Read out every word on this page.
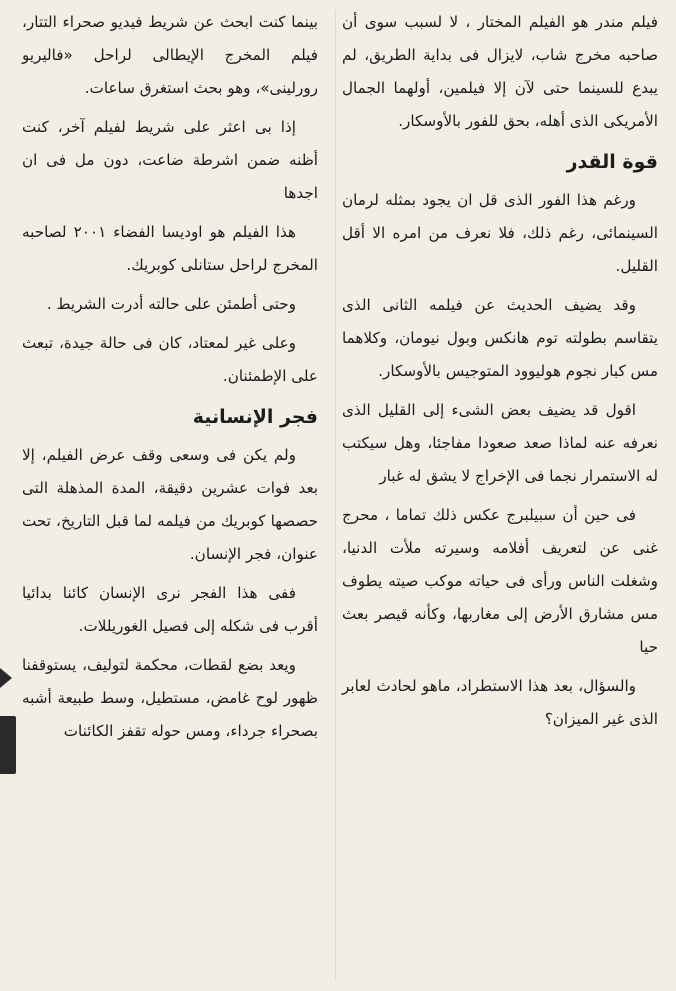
فيلم مندر هو الفيلم المختار ، لا لسبب سوى أن صاحبه مخرج شاب، لايزال فى بداية الطريق، لم يبدع للسينما حتى لآن إلا فيلمين، أولهما الجمال الأمريكى الذى أهله، بحق للفور بالأوسكار.

قوة القدر

ورغم هذا الفور الذى قل ان يجود بمثله لرمان السينمائى، رغم ذلك، فلا نعرف من امره الا أقل القليل.

وقد يضيف الحديث عن فيلمه الثانى الذى يتقاسم بطولته توم هانكس وبول نيومان، وكلاهما مس كبار نجوم هوليوود المتوجيس بالأوسكار.

اقول قد يضيف بعض الشىء إلى القليل الذى نعرفه عنه لماذا صعد صعودا مفاجئا، وهل سيكتب له الاستمرار نجما فى الإخراج لا يشق له غبار

فى حين أن سبيلبرج عكس ذلك تماما ، محرج غنى عن لتعريف أفلامه وسيرته ملأت الدنيا، وشغلت الناس ورأى فى حياته موكب صيته يطوف مس مشارق الأرض إلى مغاربها، وكأنه قيصر بعث حيا

والسؤال، بعد هذا الاستطراد، ماهو لحادث لعابر الذى غير الميزان؟

بينما كنت ابحث عن شريط فيديو صحراء التتار، فيلم المخرج الإيطالى لراحل «فاليريو رورلينى»، وهو بحث استغرق ساعات.

إذا بى اعثر على شريط لفيلم آخر، كنت أظنه ضمن اشرطة ضاعت، دون مل فى ان اجدها

هذا الفيلم هو اوديسا الفضاء ٢٠٠١ لصاحبه المخرج لراحل ستانلى كوبريك.

وحتى أطمئن على حالته أدرت الشريط .

وعلى غير لمعتاد، كان فى حالة جيدة، تبعث على الإطمئنان.

فجر الإنسانية

ولم يكن فى وسعى وقف عرض الفيلم، إلا بعد فوات عشرين دقيقة، المدة المذهلة التى حصصها كوبريك من فيلمه لما قبل التاريخ، تحت عنوان، فجر الإنسان.

ففى هذا الفجر نرى الإنسان كائنا بدائيا أقرب فى شكله إلى فصيل الغوريللات.

ويعد بضع لقطات، محكمة لتوليف، يستوقفنا ظهور لوح غامض، مستطيل، وسط طبيعة أشبه بصحراء جرداء، ومس حوله تقفز الكائنات
